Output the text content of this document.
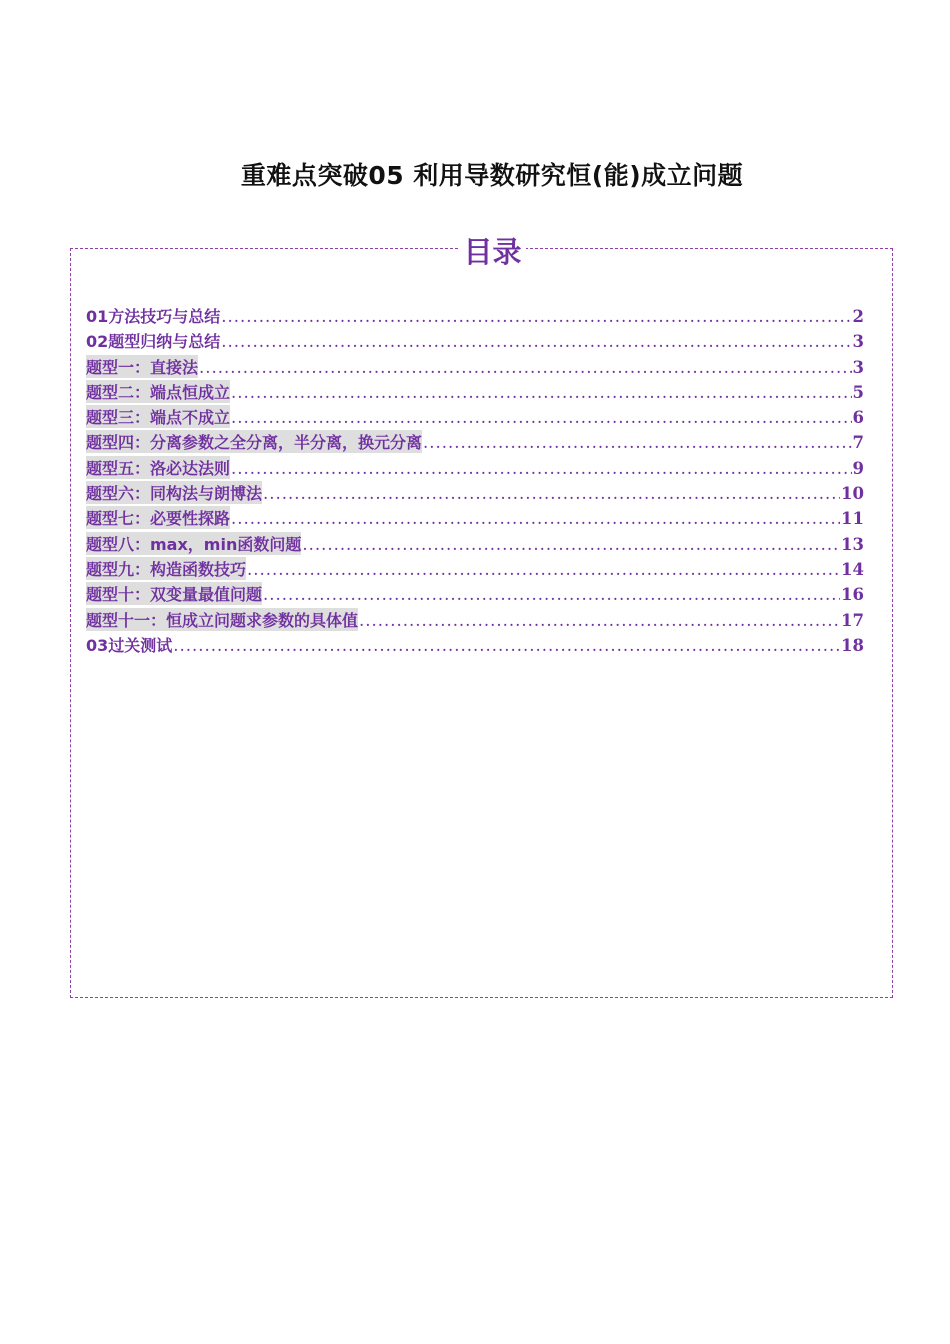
重难点突破05 利用导数研究恒(能)成立问题
目录
01方法技巧与总结 .....	2
02题型归纳与总结 .....	3
题型一：直接法 .....	3
题型二：端点恒成立 .....	5
题型三：端点不成立 .....	6
题型四：分离参数之全分离，半分离，换元分离 .....	7
题型五：洛必达法则 .....	9
题型六：同构法与朗博法 .....	10
题型七：必要性探路 .....	11
题型八：max，min函数问题 .....	13
题型九：构造函数技巧 .....	14
题型十：双变量最值问题 .....	16
题型十一：恒成立问题求参数的具体值 .....	17
03过关测试 .....	18
